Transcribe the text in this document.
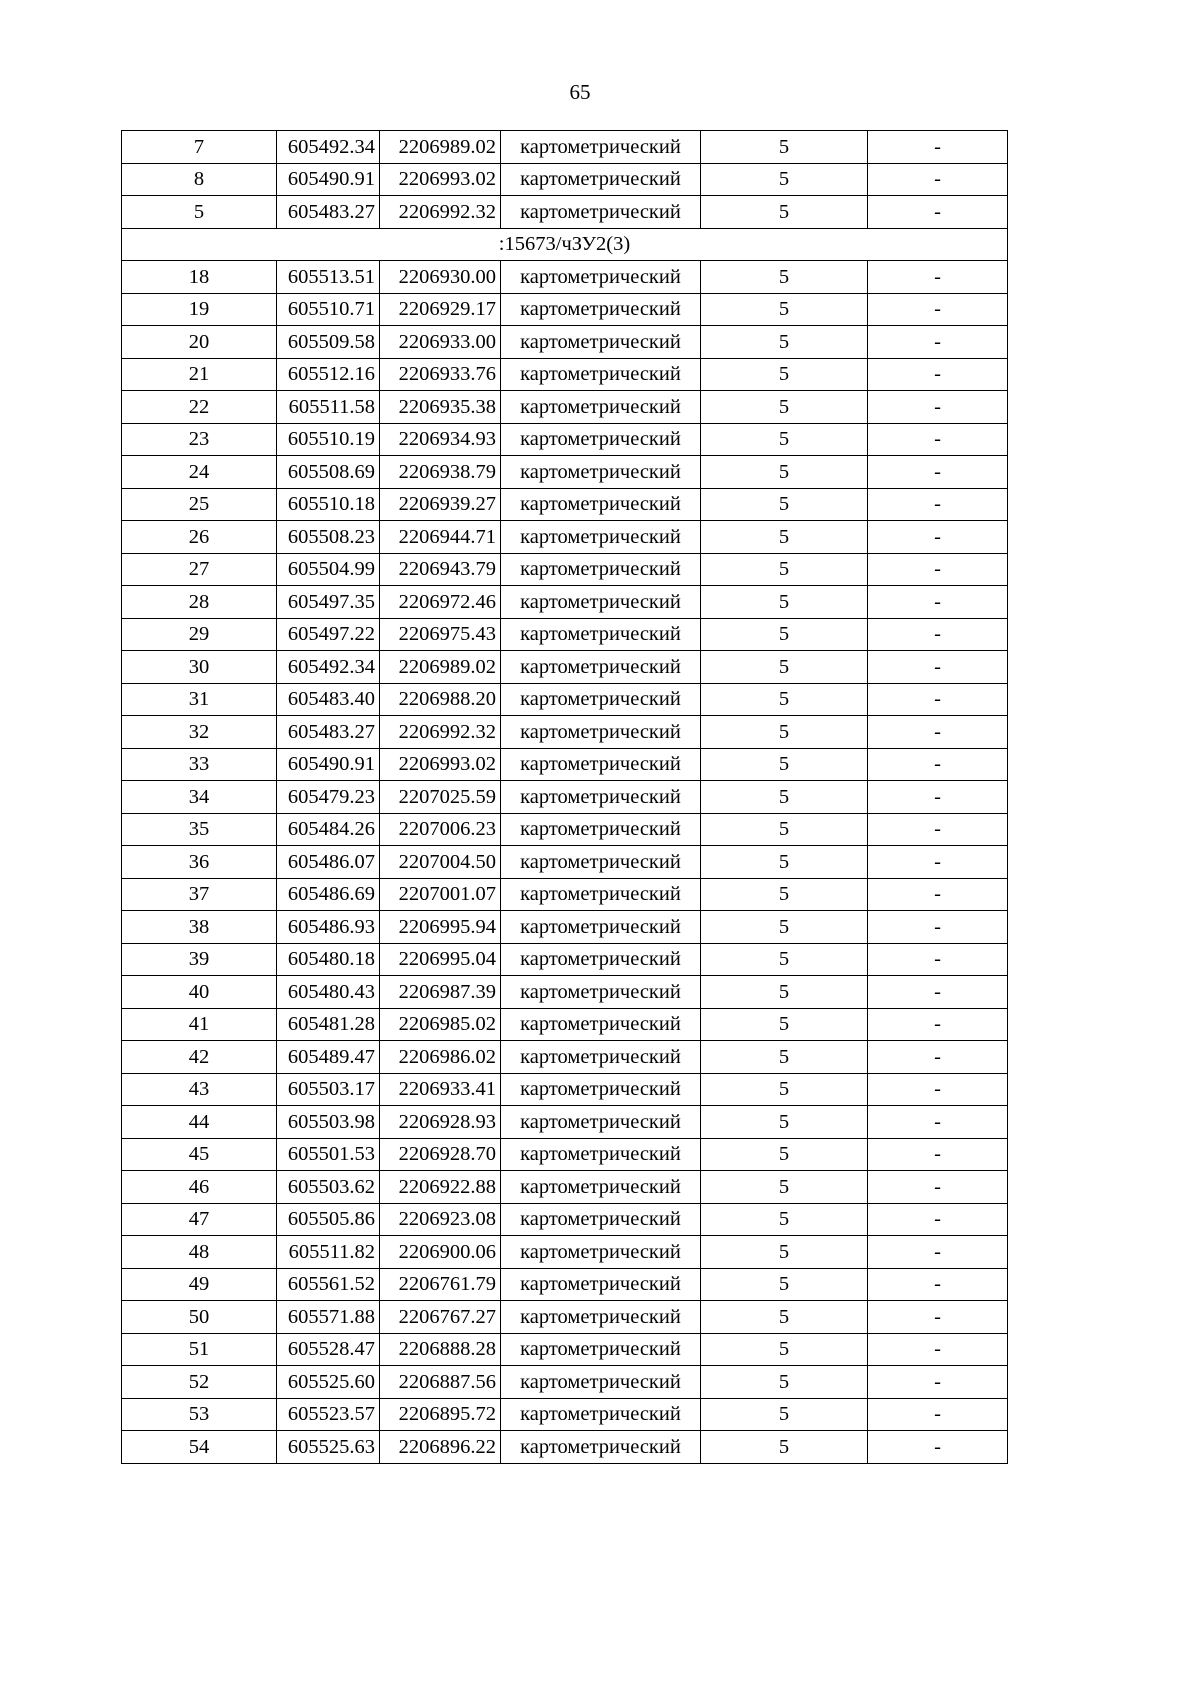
65
7	605492.34	2206989.02	картометрический	5	-
8	605490.91	2206993.02	картометрический	5	-
5	605483.27	2206992.32	картометрический	5	-
:15673/чЗУ2(3)					
18	605513.51	2206930.00	картометрический	5	-
19	605510.71	2206929.17	картометрический	5	-
20	605509.58	2206933.00	картометрический	5	-
21	605512.16	2206933.76	картометрический	5	-
22	605511.58	2206935.38	картометрический	5	-
23	605510.19	2206934.93	картометрический	5	-
24	605508.69	2206938.79	картометрический	5	-
25	605510.18	2206939.27	картометрический	5	-
26	605508.23	2206944.71	картометрический	5	-
27	605504.99	2206943.79	картометрический	5	-
28	605497.35	2206972.46	картометрический	5	-
29	605497.22	2206975.43	картометрический	5	-
30	605492.34	2206989.02	картометрический	5	-
31	605483.40	2206988.20	картометрический	5	-
32	605483.27	2206992.32	картометрический	5	-
33	605490.91	2206993.02	картометрический	5	-
34	605479.23	2207025.59	картометрический	5	-
35	605484.26	2207006.23	картометрический	5	-
36	605486.07	2207004.50	картометрический	5	-
37	605486.69	2207001.07	картометрический	5	-
38	605486.93	2206995.94	картометрический	5	-
39	605480.18	2206995.04	картометрический	5	-
40	605480.43	2206987.39	картометрический	5	-
41	605481.28	2206985.02	картометрический	5	-
42	605489.47	2206986.02	картометрический	5	-
43	605503.17	2206933.41	картометрический	5	-
44	605503.98	2206928.93	картометрический	5	-
45	605501.53	2206928.70	картометрический	5	-
46	605503.62	2206922.88	картометрический	5	-
47	605505.86	2206923.08	картометрический	5	-
48	605511.82	2206900.06	картометрический	5	-
49	605561.52	2206761.79	картометрический	5	-
50	605571.88	2206767.27	картометрический	5	-
51	605528.47	2206888.28	картометрический	5	-
52	605525.60	2206887.56	картометрический	5	-
53	605523.57	2206895.72	картометрический	5	-
54	605525.63	2206896.22	картометрический	5	-
